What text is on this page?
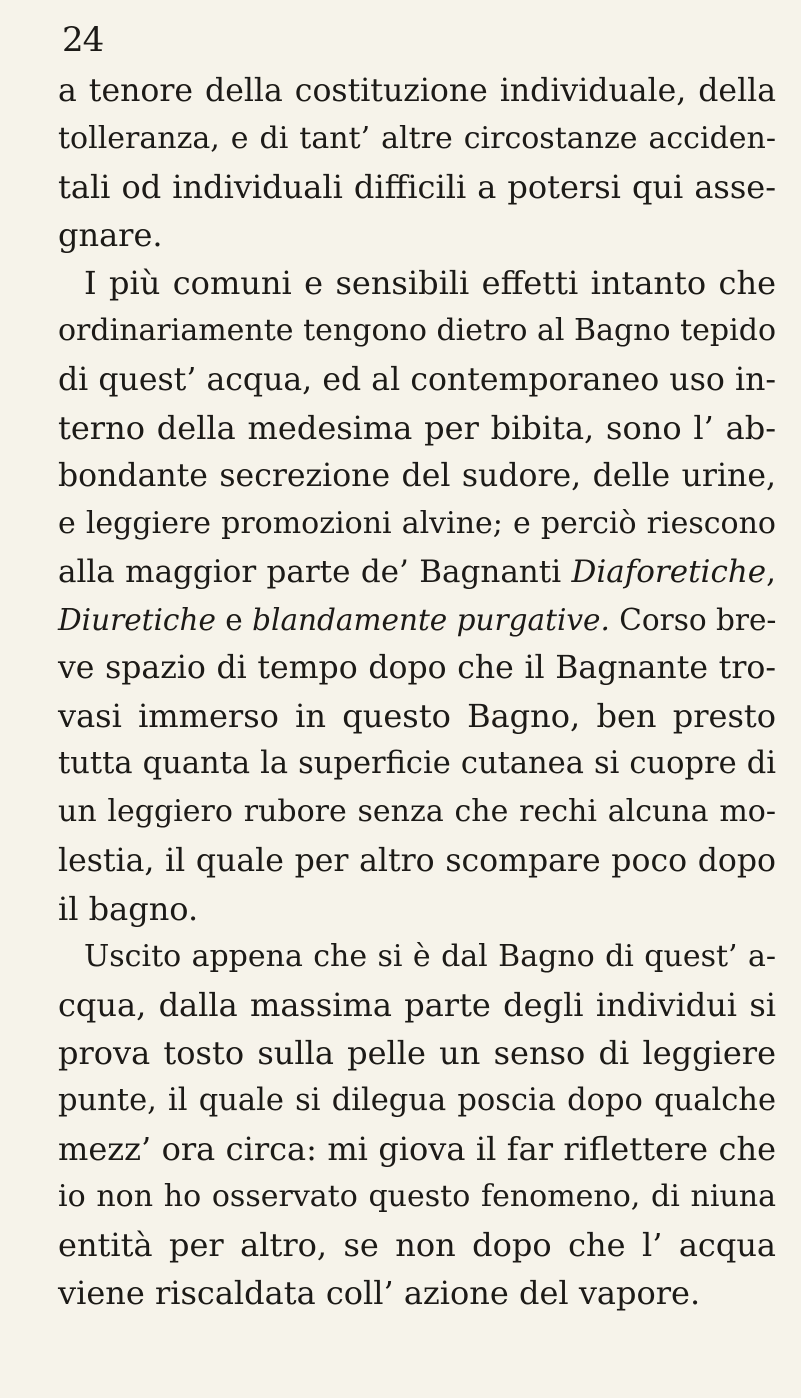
24
a tenore della costituzione individuale, della
tolleranza, e di tant’ altre circostanze acciden-
tali od individuali difficili a potersi qui asse-
gnare.
I più comuni e sensibili effetti intanto che
ordinariamente tengono dietro al Bagno tepido
di quest’ acqua, ed al contemporaneo uso in-
terno della medesima per bibita, sono l’ ab-
bondante secrezione del sudore, delle urine,
e leggiere promozioni alvine; e perciò riescono
alla maggior parte de’ Bagnanti Diaforetiche,
Diuretiche e blandamente purgative. Corso bre-
ve spazio di tempo dopo che il Bagnante tro-
vasi immerso in questo Bagno, ben presto
tutta quanta la superficie cutanea si cuopre di
un leggiero rubore senza che rechi alcuna mo-
lestia, il quale per altro scompare poco dopo
il bagno.
Uscito appena che si è dal Bagno di quest’ a-
cqua, dalla massima parte degli individui si
prova tosto sulla pelle un senso di leggiere
punte, il quale si dilegua poscia dopo qualche
mezz’ ora circa: mi giova il far riflettere che
io non ho osservato questo fenomeno, di niuna
entità per altro, se non dopo che l’ acqua
viene riscaldata coll’ azione del vapore.
